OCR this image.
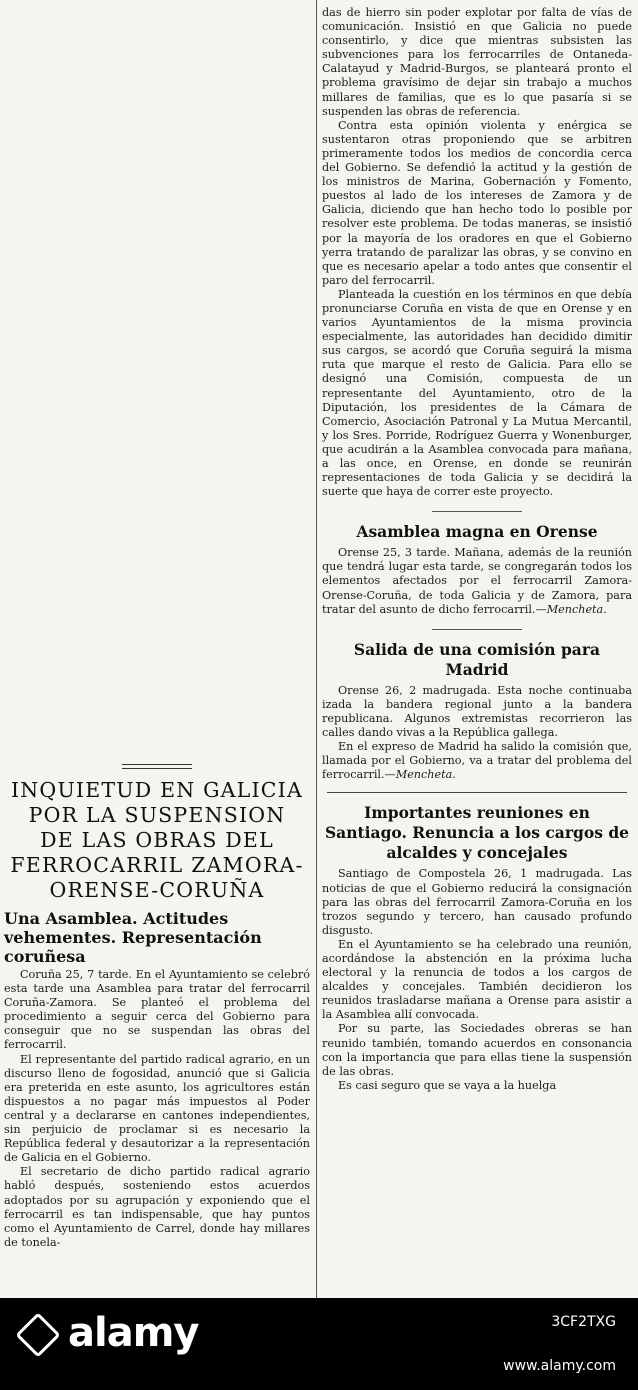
das de hierro sin poder explotar por falta de vías de comunicación. Insistió en que Galicia no puede consentirlo, y dice que mientras subsisten las subvenciones para los ferrocarriles de Ontaneda-Calatayud y Madrid-Burgos, se planteará pronto el problema gravísimo de dejar sin trabajo a muchos millares de familias, que es lo que pasaría si se suspenden las obras de referencia.

Contra esta opinión violenta y enérgica se sustentaron otras proponiendo que se arbitren primeramente todos los medios de concordia cerca del Gobierno. Se defendió la actitud y la gestión de los ministros de Marina, Gobernación y Fomento, puestos al lado de los intereses de Zamora y de Galicia, diciendo que han hecho todo lo posible por resolver este problema. De todas maneras, se insistió por la mayoría de los oradores en que el Gobierno yerra tratando de paralizar las obras, y se convino en que es necesario apelar a todo antes que consentir el paro del ferrocarril.

Planteada la cuestión en los términos en que debía pronunciarse Coruña en vista de que en Orense y en varios Ayuntamientos de la misma provincia especialmente, las autoridades han decidido dimitir sus cargos, se acordó que Coruña seguirá la misma ruta que marque el resto de Galicia. Para ello se designó una Comisión, compuesta de un representante del Ayuntamiento, otro de la Diputación, los presidentes de la Cámara de Comercio, Asociación Patronal y La Mutua Mercantil, y los Sres. Porride, Rodríguez Guerra y Wonenburger, que acudirán a la Asamblea convocada para mañana, a las once, en Orense, en donde se reunirán representaciones de toda Galicia y se decidirá la suerte que haya de correr este proyecto.

Asamblea magna en Orense

Orense 25, 3 tarde. Mañana, además de la reunión que tendrá lugar esta tarde, se congregarán todos los elementos afectados por el ferrocarril Zamora-Orense-Coruña, de toda Galicia y de Zamora, para tratar del asunto de dicho ferrocarril.—Mencheta.

Salida de una comisión para Madrid

Orense 26, 2 madrugada. Esta noche continuaba izada la bandera regional junto a la bandera republicana. Algunos extremistas recorrieron las calles dando vivas a la República gallega.

En el expreso de Madrid ha salido la comisión que, llamada por el Gobierno, va a tratar del problema del ferrocarril.—Mencheta.

Importantes reuniones en Santiago. Renuncia a los cargos de alcaldes y concejales

Santiago de Compostela 26, 1 madrugada. Las noticias de que el Gobierno reducirá la consignación para las obras del ferrocarril Zamora-Coruña en los trozos segundo y tercero, han causado profundo disgusto.

En el Ayuntamiento se ha celebrado una reunión, acordándose la abstención en la próxima lucha electoral y la renuncia de todos a los cargos de alcaldes y concejales. También decidieron los reunidos trasladarse mañana a Orense para asistir a la Asamblea allí convocada.

Por su parte, las Sociedades obreras se han reunido también, tomando acuerdos en consonancia con la importancia que para ellas tiene la suspensión de las obras.

Es casi seguro que se vaya a la huelga

INQUIETUD EN GALICIA POR LA SUSPENSION DE LAS OBRAS DEL FERROCARRIL ZAMORA-ORENSE-CORUÑA
Una Asamblea. Actitudes vehementes. Representación coruñesa

Coruña 25, 7 tarde. En el Ayuntamiento se celebró esta tarde una Asamblea para tratar del ferrocarril Coruña-Zamora. Se planteó el problema del procedimiento a seguir cerca del Gobierno para conseguir que no se suspendan las obras del ferrocarril.

El representante del partido radical agrario, en un discurso lleno de fogosidad, anunció que si Galicia era preterida en este asunto, los agricultores están dispuestos a no pagar más impuestos al Poder central y a declararse en cantones independientes, sin perjuicio de proclamar si es necesario la República federal y desautorizar a la representación de Galicia en el Gobierno.

El secretario de dicho partido radical agrario habló después, sosteniendo estos acuerdos adoptados por su agrupación y exponiendo que el ferrocarril es tan indispensable, que hay puntos como el Ayuntamiento de Carrel, donde hay millares de tonela-

alamy	3CF2TXG
www.alamy.com
